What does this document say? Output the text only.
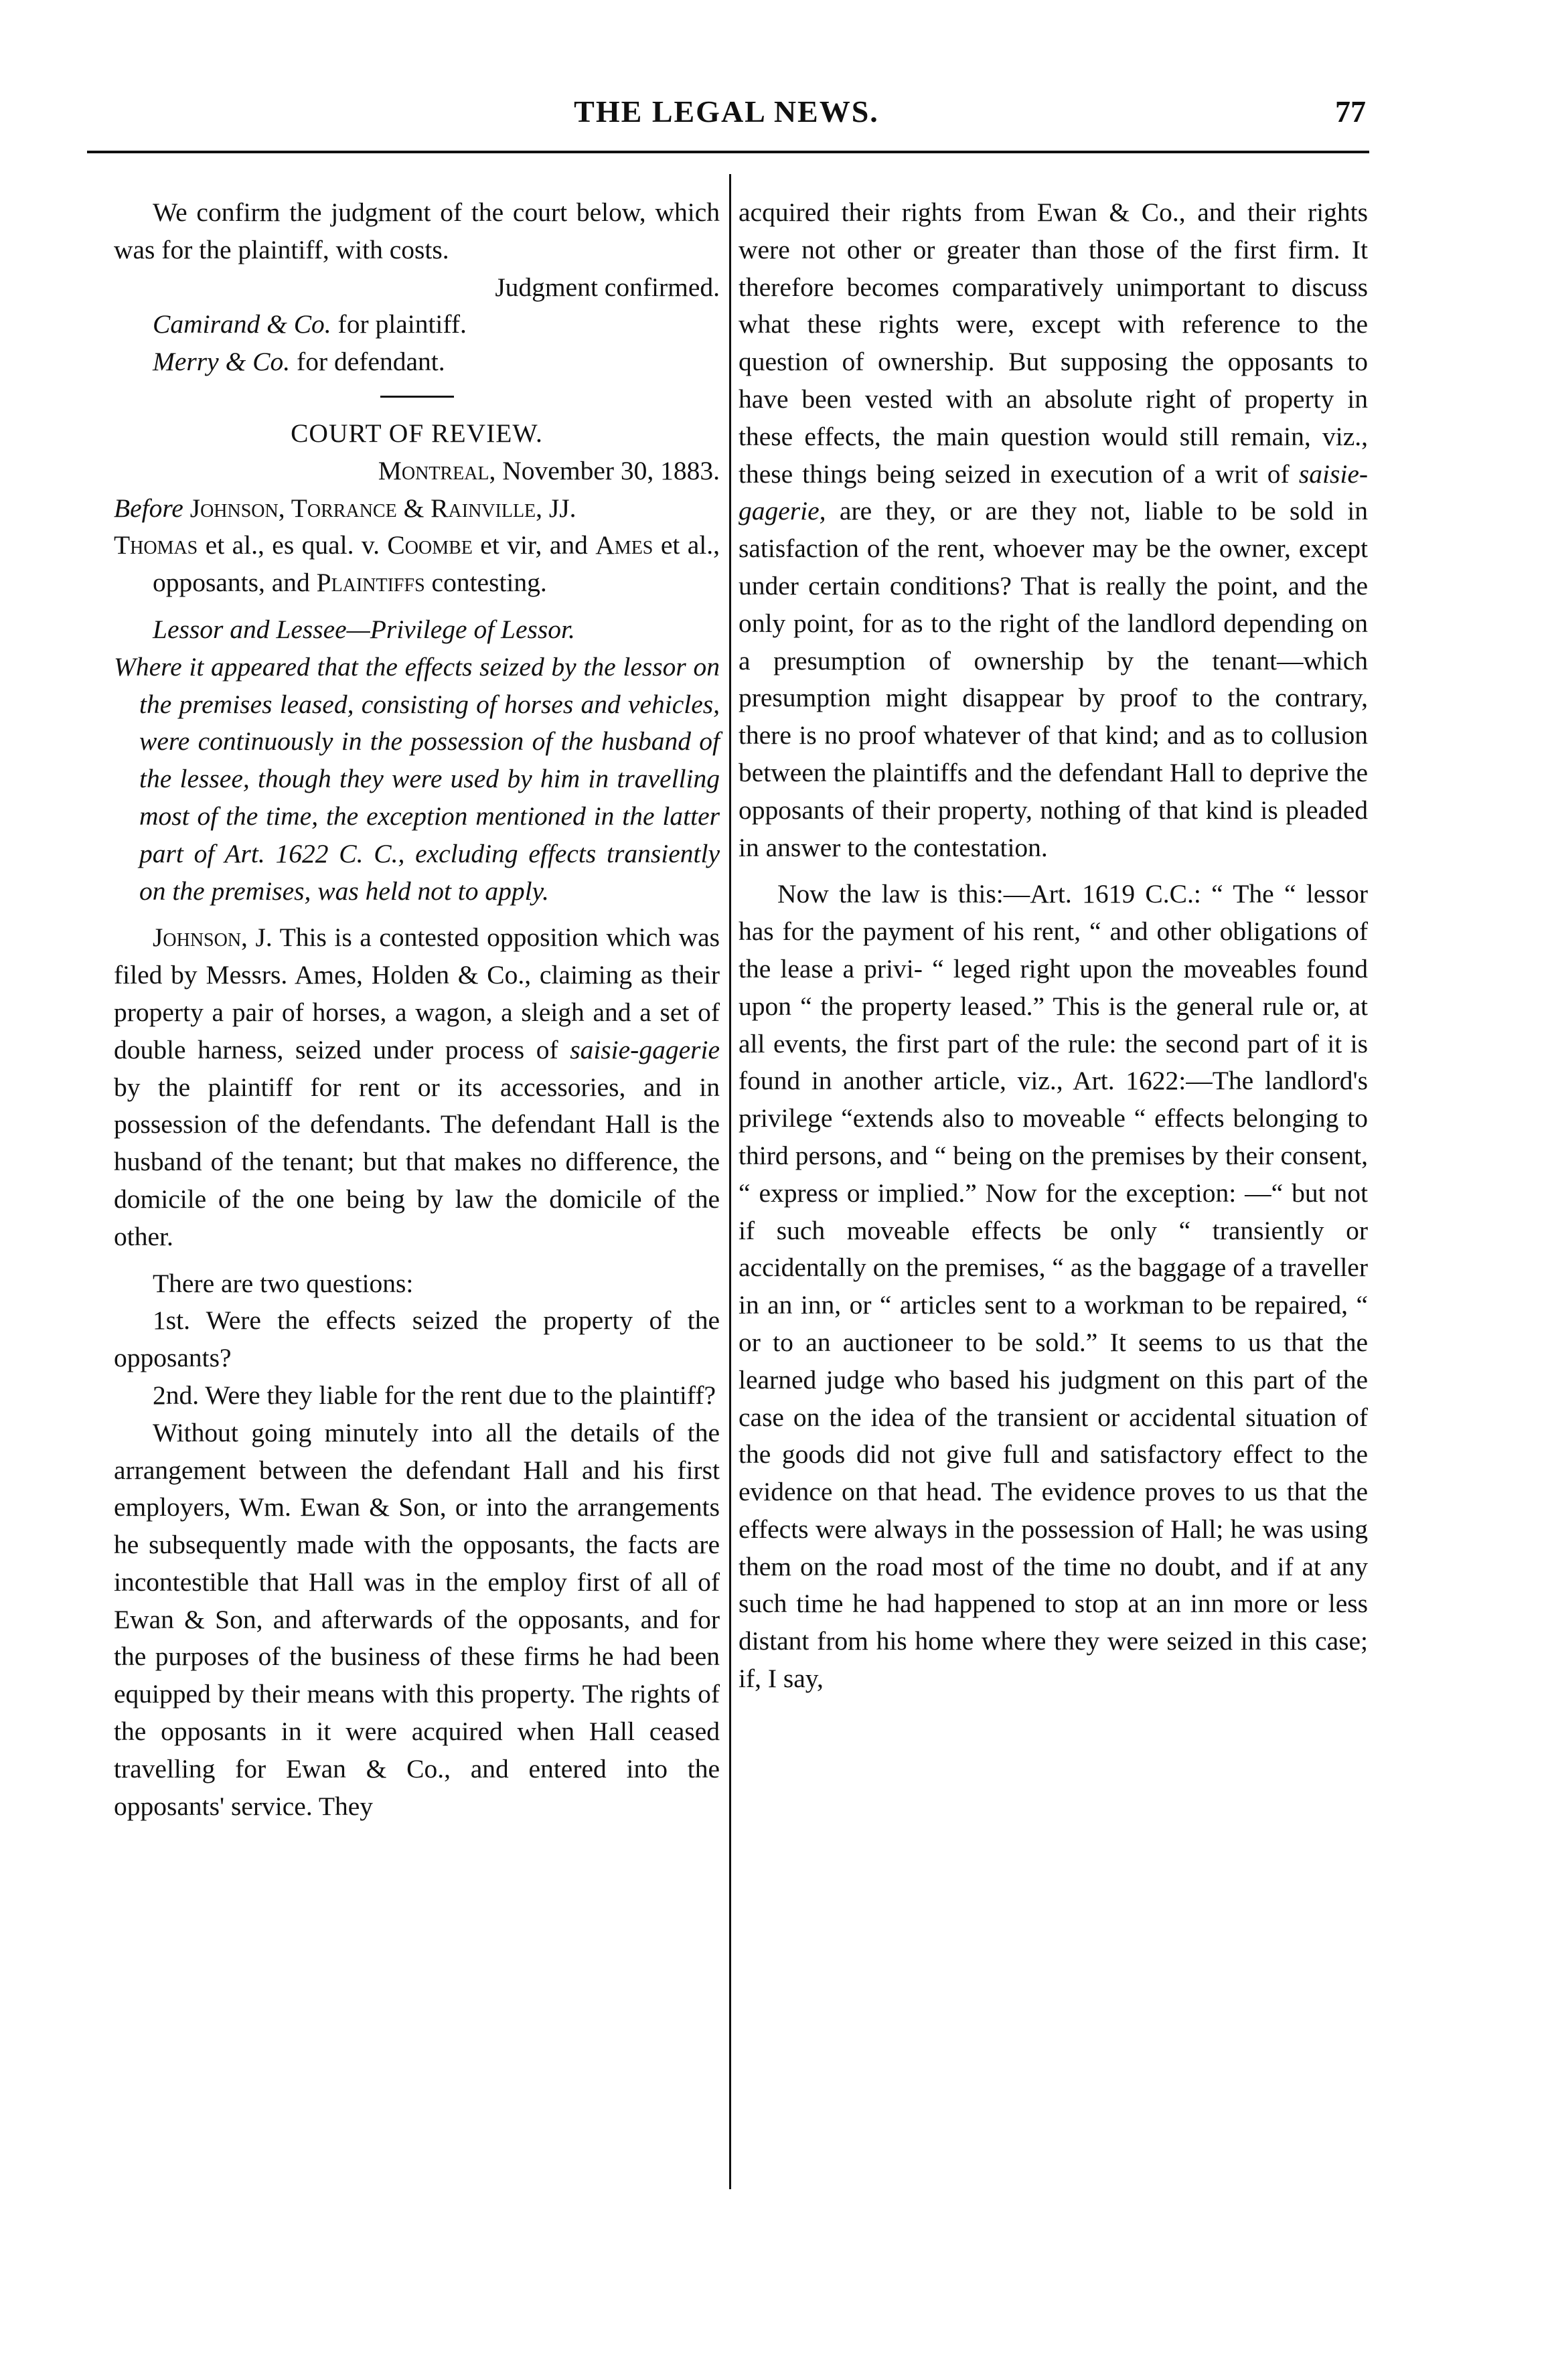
THE LEGAL NEWS.	77

We confirm the judgment of the court below, which was for the plaintiff, with costs.

Judgment confirmed.

Camirand & Co. for plaintiff.

Merry & Co. for defendant.

COURT OF REVIEW.

Montreal, November 30, 1883.

Before Johnson, Torrance & Rainville, JJ.

Thomas et al., es qual. v. Coombe et vir, and Ames et al., opposants, and Plaintiffs contesting.

Lessor and Lessee—Privilege of Lessor.

Where it appeared that the effects seized by the lessor on the premises leased, consisting of horses and vehicles, were continuously in the possession of the husband of the lessee, though they were used by him in travelling most of the time, the exception mentioned in the latter part of Art. 1622 C. C., excluding effects transiently on the premises, was held not to apply.

Johnson, J. This is a contested opposition which was filed by Messrs. Ames, Holden & Co., claiming as their property a pair of horses, a wagon, a sleigh and a set of double harness, seized under process of saisie-gagerie by the plaintiff for rent or its accessories, and in possession of the defendants. The defendant Hall is the husband of the tenant; but that makes no difference, the domicile of the one being by law the domicile of the other.

There are two questions:

1st. Were the effects seized the property of the opposants?

2nd. Were they liable for the rent due to the plaintiff?

Without going minutely into all the details of the arrangement between the defendant Hall and his first employers, Wm. Ewan & Son, or into the arrangements he subsequently made with the opposants, the facts are incontestible that Hall was in the employ first of all of Ewan & Son, and afterwards of the opposants, and for the purposes of the business of these firms he had been equipped by their means with this property. The rights of the opposants in it were acquired when Hall ceased travelling for Ewan & Co., and entered into the opposants' service. They

acquired their rights from Ewan & Co., and their rights were not other or greater than those of the first firm. It therefore becomes comparatively unimportant to discuss what these rights were, except with reference to the question of ownership. But supposing the opposants to have been vested with an absolute right of property in these effects, the main question would still remain, viz., these things being seized in execution of a writ of saisie-gagerie, are they, or are they not, liable to be sold in satisfaction of the rent, whoever may be the owner, except under certain conditions? That is really the point, and the only point, for as to the right of the landlord depending on a presumption of ownership by the tenant—which presumption might disappear by proof to the contrary, there is no proof whatever of that kind; and as to collusion between the plaintiffs and the defendant Hall to deprive the opposants of their property, nothing of that kind is pleaded in answer to the contestation.

Now the law is this:—Art. 1619 C.C.: “ The “ lessor has for the payment of his rent, “ and other obligations of the lease a privi- “ leged right upon the moveables found upon “ the property leased.” This is the general rule or, at all events, the first part of the rule: the second part of it is found in another article, viz., Art. 1622:—The landlord's privilege “extends also to moveable “ effects belonging to third persons, and “ being on the premises by their consent, “ express or implied.” Now for the exception: —“ but not if such moveable effects be only “ transiently or accidentally on the premises, “ as the baggage of a traveller in an inn, or “ articles sent to a workman to be repaired, “ or to an auctioneer to be sold.” It seems to us that the learned judge who based his judgment on this part of the case on the idea of the transient or accidental situation of the goods did not give full and satisfactory effect to the evidence on that head. The evidence proves to us that the effects were always in the possession of Hall; he was using them on the road most of the time no doubt, and if at any such time he had happened to stop at an inn more or less distant from his home where they were seized in this case; if, I say,
